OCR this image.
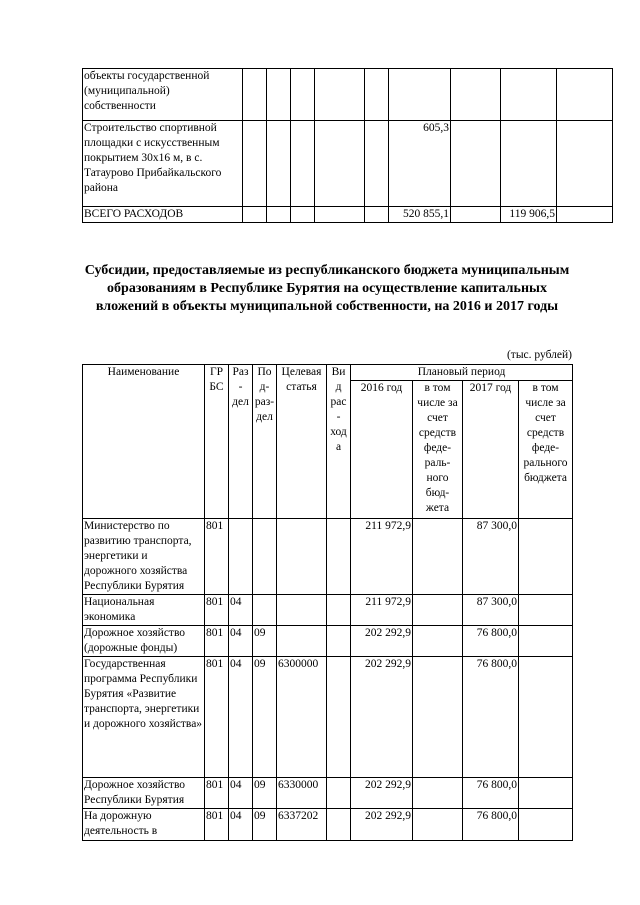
объекты государственной (муниципальной) собственности									
Строительство спортивной площадки с искусственным покрытием 30х16 м, в с. Татаурово Прибайкальского района						605,3			
ВСЕГО РАСХОДОВ						520 855,1		119 906,5	
Субсидии, предоставляемые из республиканского бюджета муниципальным образованиям в Республике Бурятия на осуществление капитальных вложений в объекты муниципальной собственности, на 2016 и 2017 годы
(тыс. рублей)
Наименование	ГР БС	Раз - дел	По д- раз- дел	Целевая статья	Ви д рас - ход а	Плановый период			
						2016 год	в том числе за счет средств феде- раль- ного бюд- жета	2017 год	в том числе за счет средств феде- рального бюджета
Министерство по развитию транспорта, энергетики и дорожного хозяйства Республики Бурятия	801					211 972,9		87 300,0	
Национальная экономика	801	04				211 972,9		87 300,0	
Дорожное хозяйство (дорожные фонды)	801	04	09			202 292,9		76 800,0	
Государственная программа Республики Бурятия «Развитие транспорта, энергетики и дорожного хозяйства»	801	04	09	6300000		202 292,9		76 800,0	
Дорожное хозяйство Республики Бурятия	801	04	09	6330000		202 292,9		76 800,0	
На дорожную деятельность в	801	04	09	6337202		202 292,9		76 800,0	
